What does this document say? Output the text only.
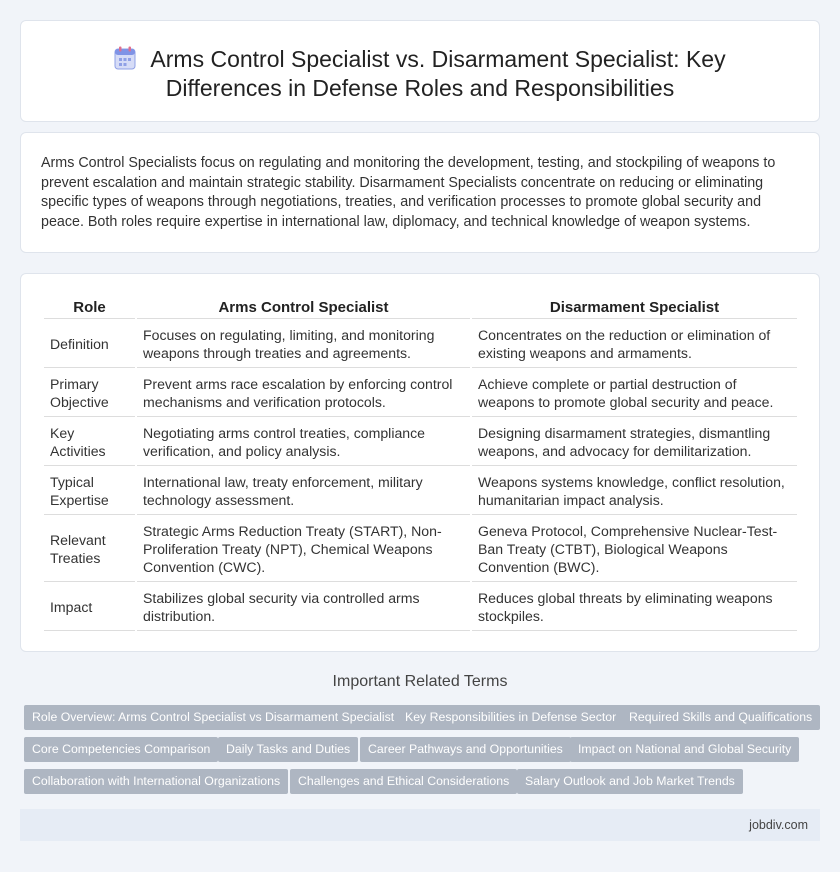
Arms Control Specialist vs. Disarmament Specialist: Key
Differences in Defense Roles and Responsibilities

Arms Control Specialists focus on regulating and monitoring the development, testing, and stockpiling of weapons to prevent escalation and maintain strategic stability. Disarmament Specialists concentrate on reducing or eliminating specific types of weapons through negotiations, treaties, and verification processes to promote global security and peace. Both roles require expertise in international law, diplomacy, and technical knowledge of weapon systems.

Role	Arms Control Specialist	Disarmament Specialist
Definition	Focuses on regulating, limiting, and monitoring weapons through treaties and agreements.	Concentrates on the reduction or elimination of existing weapons and armaments.
Primary Objective	Prevent arms race escalation by enforcing control mechanisms and verification protocols.	Achieve complete or partial destruction of weapons to promote global security and peace.
Key Activities	Negotiating arms control treaties, compliance verification, and policy analysis.	Designing disarmament strategies, dismantling weapons, and advocacy for demilitarization.
Typical Expertise	International law, treaty enforcement, military technology assessment.	Weapons systems knowledge, conflict resolution, humanitarian impact analysis.
Relevant Treaties	Strategic Arms Reduction Treaty (START), Non-Proliferation Treaty (NPT), Chemical Weapons Convention (CWC).	Geneva Protocol, Comprehensive Nuclear-Test-Ban Treaty (CTBT), Biological Weapons Convention (BWC).
Impact	Stabilizes global security via controlled arms distribution.	Reduces global threats by eliminating weapons stockpiles.
Important Related Terms
Role Overview: Arms Control Specialist vs Disarmament Specialist Key Responsibilities in Defense Sector	Required Skills and Qualifications
Core Competencies Comparison	Daily Tasks and Duties	Career Pathways and Opportunities	Impact on National and Global Security
Collaboration with International Organizations	Challenges and Ethical Considerations	Salary Outlook and Job Market Trends
jobdiv.com
